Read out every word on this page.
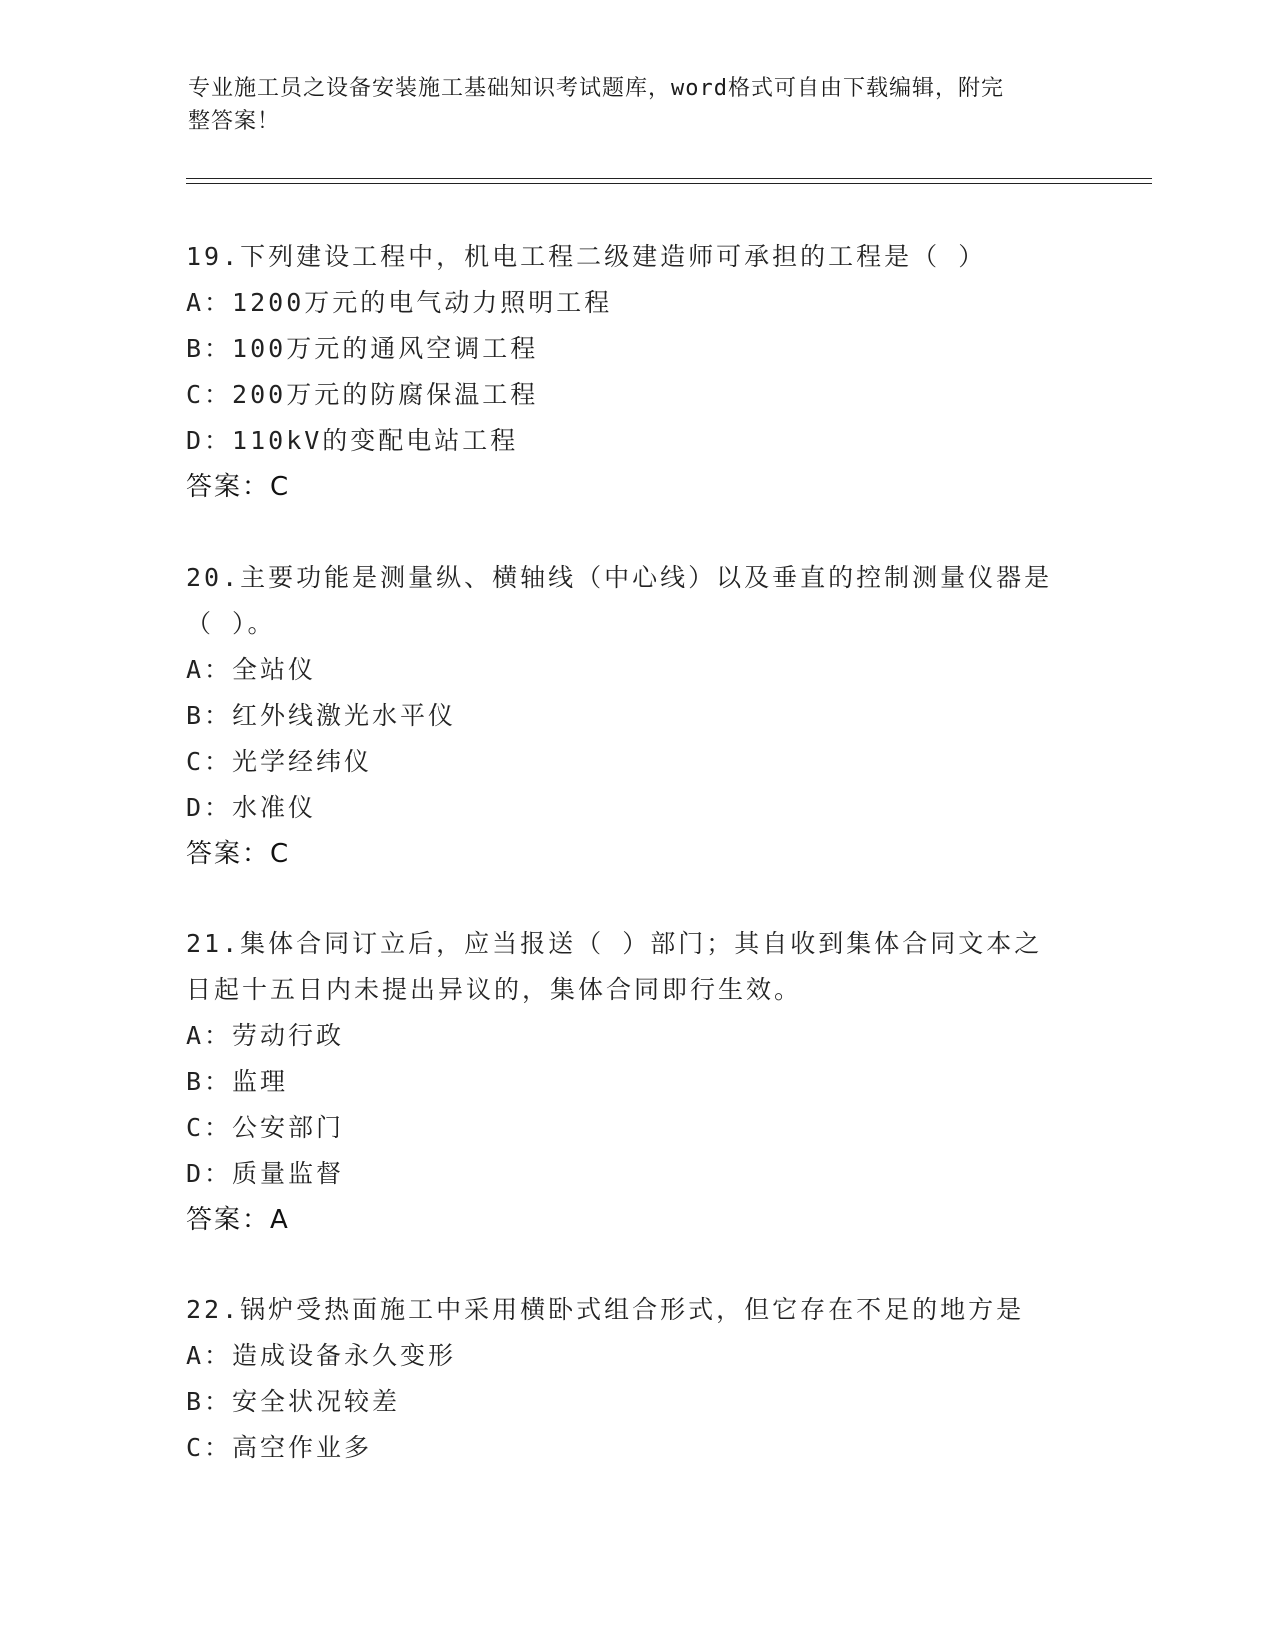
专业施工员之设备安装施工基础知识考试题库，word格式可自由下载编辑，附完
整答案！
19.下列建设工程中，机电工程二级建造师可承担的工程是（ ）
A：1200万元的电气动力照明工程
B：100万元的通风空调工程
C：200万元的防腐保温工程
D：110kV的变配电站工程
答案：C
20.主要功能是测量纵、横轴线（中心线）以及垂直的控制测量仪器是
（ ）。
A：全站仪
B：红外线激光水平仪
C：光学经纬仪
D：水准仪
答案：C
21.集体合同订立后，应当报送（ ）部门；其自收到集体合同文本之
日起十五日内未提出异议的，集体合同即行生效。
A：劳动行政
B：监理
C：公安部门
D：质量监督
答案：A
22.锅炉受热面施工中采用横卧式组合形式，但它存在不足的地方是
A：造成设备永久变形
B：安全状况较差
C：高空作业多
